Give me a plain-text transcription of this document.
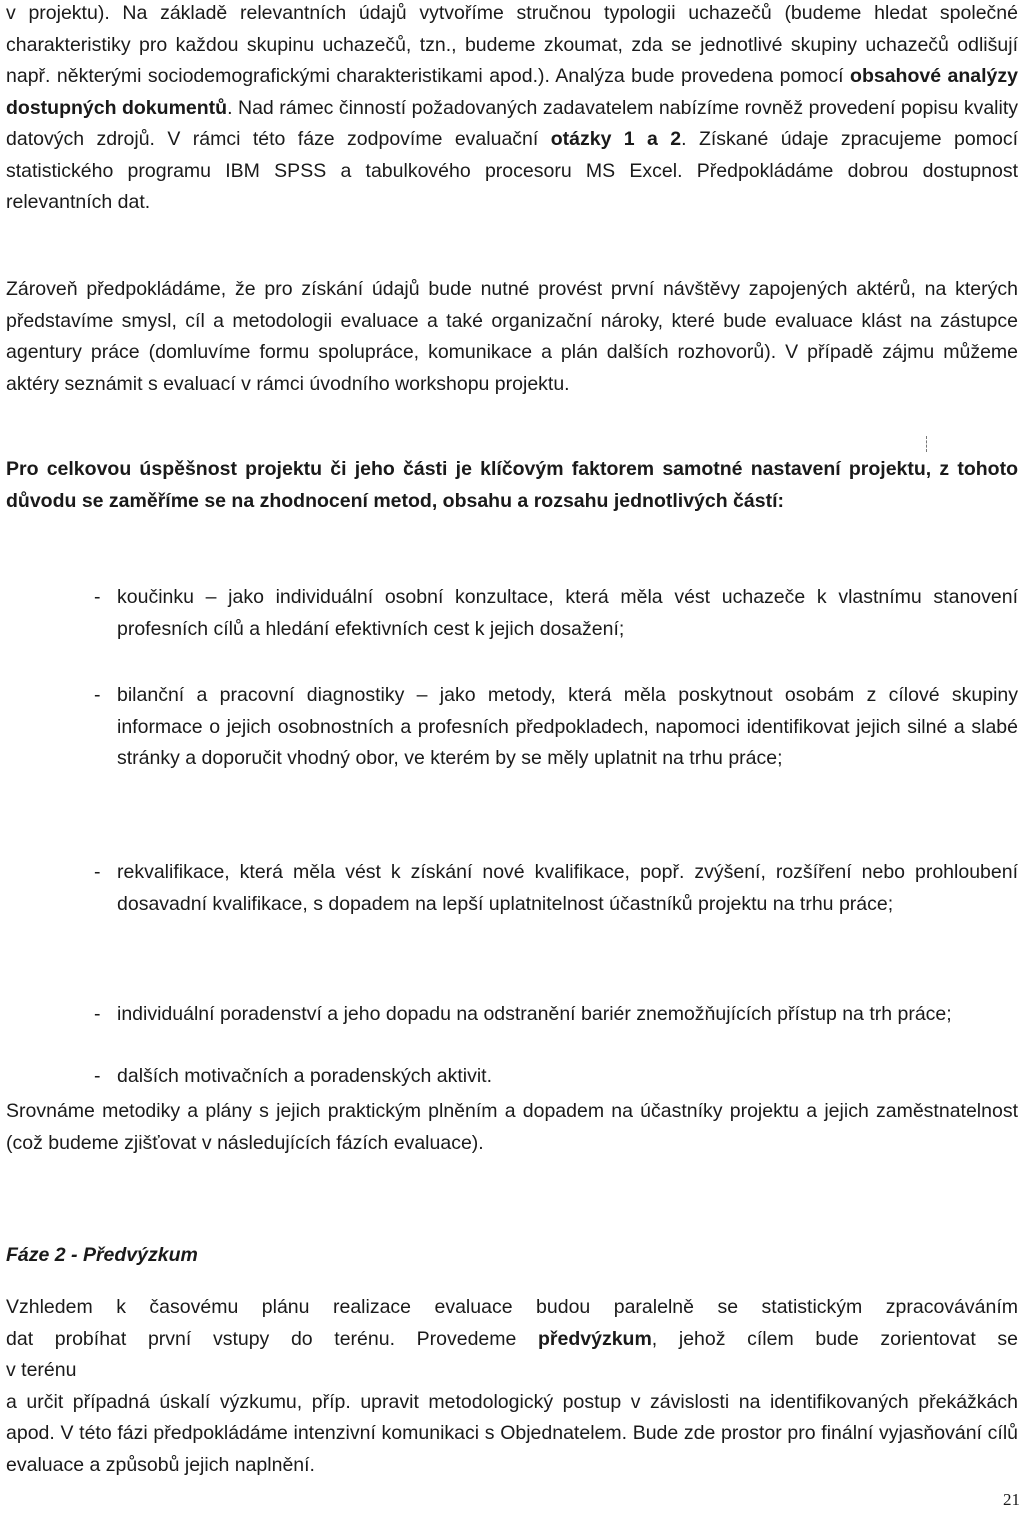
v projektu). Na základě relevantních údajů vytvoříme stručnou typologii uchazečů (budeme hledat společné charakteristiky pro každou skupinu uchazečů, tzn., budeme zkoumat, zda se jednotlivé skupiny uchazečů odlišují např. některými sociodemografickými charakteristikami apod.). Analýza bude provedena pomocí obsahové analýzy dostupných dokumentů. Nad rámec činností požadovaných zadavatelem nabízíme rovněž provedení popisu kvality datových zdrojů. V rámci této fáze zodpovíme evaluační otázky 1 a 2. Získané údaje zpracujeme pomocí statistického programu IBM SPSS a tabulkového procesoru MS Excel. Předpokládáme dobrou dostupnost relevantních dat.

Zároveň předpokládáme, že pro získání údajů bude nutné provést první návštěvy zapojených aktérů, na kterých představíme smysl, cíl a metodologii evaluace a také organizační nároky, které bude evaluace klást na zástupce agentury práce (domluvíme formu spolupráce, komunikace a plán dalších rozhovorů). V případě zájmu můžeme aktéry seznámit s evaluací v rámci úvodního workshopu projektu.

Pro celkovou úspěšnost projektu či jeho části je klíčovým faktorem samotné nastavení projektu, z tohoto důvodu se zaměříme se na zhodnocení metod, obsahu a rozsahu jednotlivých částí:

- koučinku – jako individuální osobní konzultace, která měla vést uchazeče k vlastnímu stanovení profesních cílů a hledání efektivních cest k jejich dosažení;
- bilanční a pracovní diagnostiky – jako metody, která měla poskytnout osobám z cílové skupiny informace o jejich osobnostních a profesních předpokladech, napomoci identifikovat jejich silné a slabé stránky a doporučit vhodný obor, ve kterém by se měly uplatnit na trhu práce;
- rekvalifikace, která měla vést k získání nové kvalifikace, popř. zvýšení, rozšíření nebo prohloubení dosavadní kvalifikace, s dopadem na lepší uplatnitelnost účastníků projektu na trhu práce;
- individuální poradenství a jeho dopadu na odstranění bariér znemožňujících přístup na trh práce;
- dalších motivačních a poradenských aktivit.

Srovnáme metodiky a plány s jejich praktickým plněním a dopadem na účastníky projektu a jejich zaměstnatelnost (což budeme zjišťovat v následujících fázích evaluace).

Fáze 2 - Předvýzkum
Vzhledem k časovému plánu realizace evaluace budou paralelně se statistickým zpracováváním
dat probíhat první vstupy do terénu. Provedeme předvýzkum, jehož cílem bude zorientovat se
v terénu
a určit případná úskalí výzkumu, příp. upravit metodologický postup v závislosti na identifikovaných překážkách apod. V této fázi předpokládáme intenzivní komunikaci s Objednatelem. Bude zde prostor pro finální vyjasňování cílů evaluace a způsobů jejich naplnění.
21
